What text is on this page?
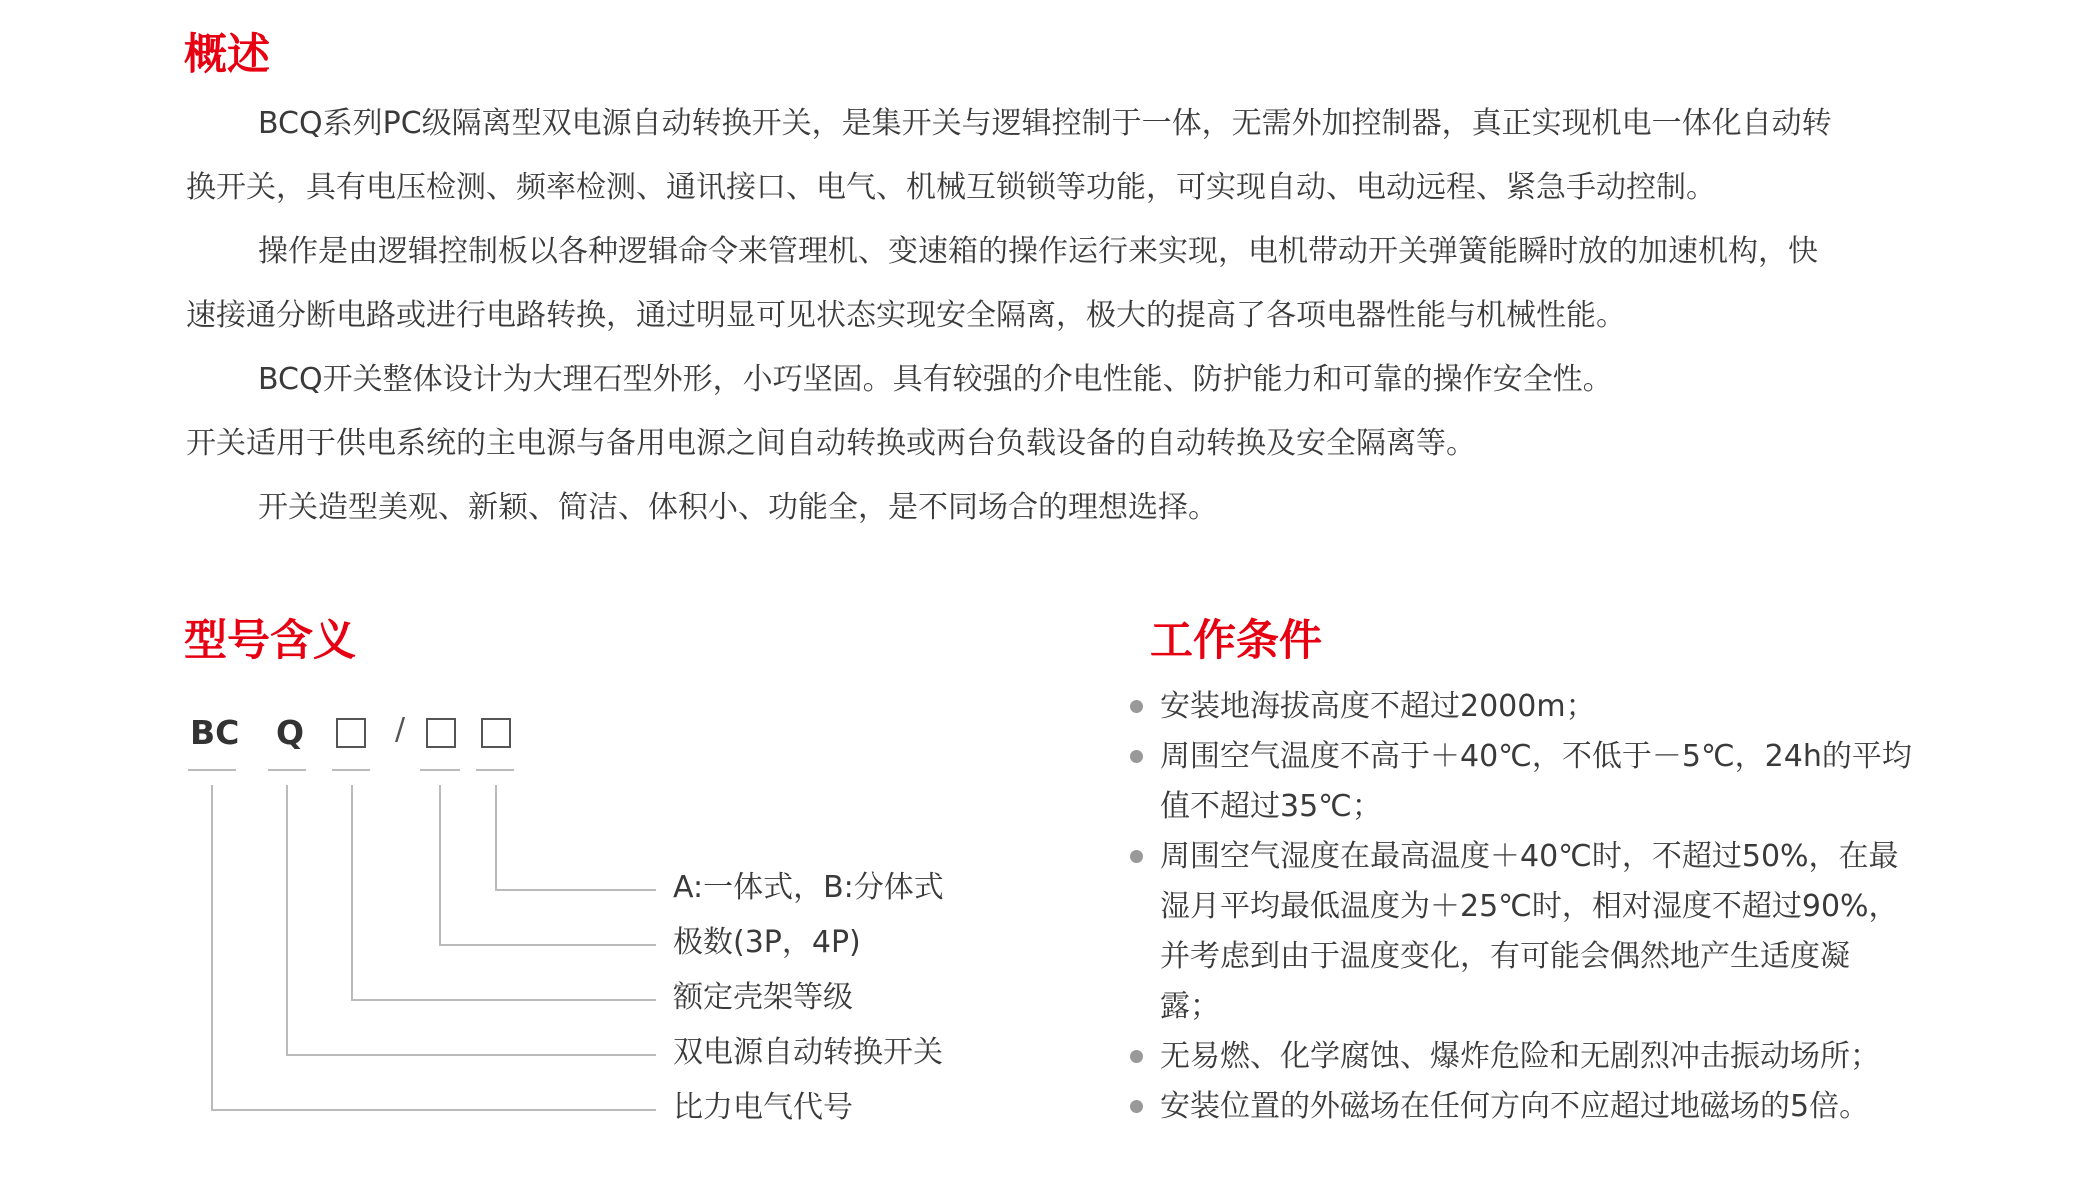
概述
BCQ系列PC级隔离型双电源自动转换开关，是集开关与逻辑控制于一体，无需外加控制器，真正实现机电一体化自动转
换开关，具有电压检测、频率检测、通讯接口、电气、机械互锁锁等功能，可实现自动、电动远程、紧急手动控制。
操作是由逻辑控制板以各种逻辑命令来管理机、变速箱的操作运行来实现，电机带动开关弹簧能瞬时放的加速机构，快
速接通分断电路或进行电路转换，通过明显可见状态实现安全隔离，极大的提高了各项电器性能与机械性能。
BCQ开关整体设计为大理石型外形，小巧坚固。具有较强的介电性能、防护能力和可靠的操作安全性。
开关适用于供电系统的主电源与备用电源之间自动转换或两台负载设备的自动转换及安全隔离等。
开关造型美观、新颖、简洁、体积小、功能全，是不同场合的理想选择。
型号含义
BC Q	/
A:一体式，B:分体式
极数(3P，4P)
额定壳架等级
双电源自动转换开关
比力电气代号
工作条件
安装地海拔高度不超过2000m；
周围空气温度不高于＋40℃，不低于－5℃，24h的平均
值不超过35℃；
周围空气湿度在最高温度＋40℃时，不超过50%，在最
湿月平均最低温度为＋25℃时，相对湿度不超过90%，
并考虑到由于温度变化，有可能会偶然地产生适度凝
露；
无易燃、化学腐蚀、爆炸危险和无剧烈冲击振动场所；
安装位置的外磁场在任何方向不应超过地磁场的5倍。
